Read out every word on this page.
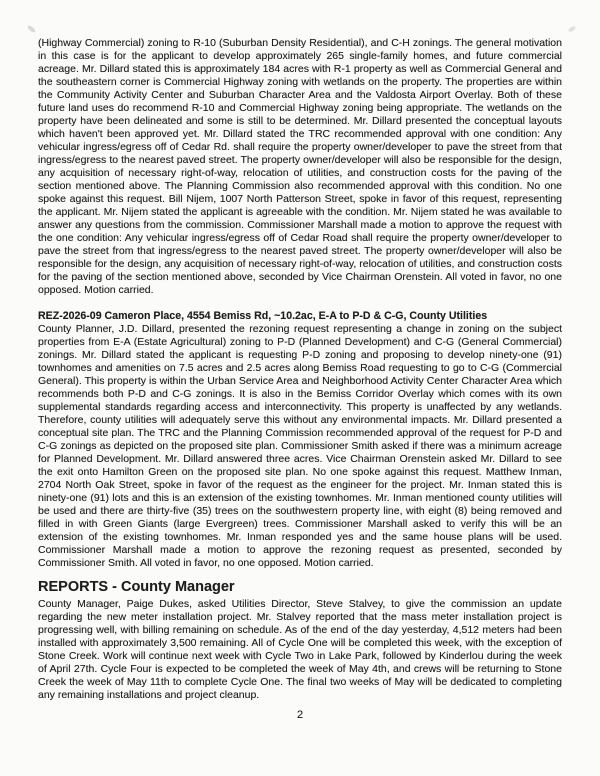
(Highway Commercial) zoning to R-10 (Suburban Density Residential), and C-H zonings. The general motivation in this case is for the applicant to develop approximately 265 single-family homes, and future commercial acreage. Mr. Dillard stated this is approximately 184 acres with R-1 property as well as Commercial General and the southeastern corner is Commercial Highway zoning with wetlands on the property. The properties are within the Community Activity Center and Suburban Character Area and the Valdosta Airport Overlay. Both of these future land uses do recommend R-10 and Commercial Highway zoning being appropriate. The wetlands on the property have been delineated and some is still to be determined. Mr. Dillard presented the conceptual layouts which haven't been approved yet. Mr. Dillard stated the TRC recommended approval with one condition: Any vehicular ingress/egress off of Cedar Rd. shall require the property owner/developer to pave the street from that ingress/egress to the nearest paved street. The property owner/developer will also be responsible for the design, any acquisition of necessary right-of-way, relocation of utilities, and construction costs for the paving of the section mentioned above. The Planning Commission also recommended approval with this condition. No one spoke against this request. Bill Nijem, 1007 North Patterson Street, spoke in favor of this request, representing the applicant. Mr. Nijem stated the applicant is agreeable with the condition. Mr. Nijem stated he was available to answer any questions from the commission. Commissioner Marshall made a motion to approve the request with the one condition: Any vehicular ingress/egress off of Cedar Road shall require the property owner/developer to pave the street from that ingress/egress to the nearest paved street. The property owner/developer will also be responsible for the design, any acquisition of necessary right-of-way, relocation of utilities, and construction costs for the paving of the section mentioned above, seconded by Vice Chairman Orenstein. All voted in favor, no one opposed. Motion carried.

REZ-2026-09 Cameron Place, 4554 Bemiss Rd, ~10.2ac, E-A to P-D & C-G, County Utilities

County Planner, J.D. Dillard, presented the rezoning request representing a change in zoning on the subject properties from E-A (Estate Agricultural) zoning to P-D (Planned Development) and C-G (General Commercial) zonings. Mr. Dillard stated the applicant is requesting P-D zoning and proposing to develop ninety-one (91) townhomes and amenities on 7.5 acres and 2.5 acres along Bemiss Road requesting to go to C-G (Commercial General). This property is within the Urban Service Area and Neighborhood Activity Center Character Area which recommends both P-D and C-G zonings. It is also in the Bemiss Corridor Overlay which comes with its own supplemental standards regarding access and interconnectivity. This property is unaffected by any wetlands. Therefore, county utilities will adequately serve this without any environmental impacts. Mr. Dillard presented a conceptual site plan. The TRC and the Planning Commission recommended approval of the request for P-D and C-G zonings as depicted on the proposed site plan. Commissioner Smith asked if there was a minimum acreage for Planned Development. Mr. Dillard answered three acres. Vice Chairman Orenstein asked Mr. Dillard to see the exit onto Hamilton Green on the proposed site plan. No one spoke against this request. Matthew Inman, 2704 North Oak Street, spoke in favor of the request as the engineer for the project. Mr. Inman stated this is ninety-one (91) lots and this is an extension of the existing townhomes. Mr. Inman mentioned county utilities will be used and there are thirty-five (35) trees on the southwestern property line, with eight (8) being removed and filled in with Green Giants (large Evergreen) trees. Commissioner Marshall asked to verify this will be an extension of the existing townhomes. Mr. Inman responded yes and the same house plans will be used. Commissioner Marshall made a motion to approve the rezoning request as presented, seconded by Commissioner Smith. All voted in favor, no one opposed. Motion carried.

REPORTS - County Manager

County Manager, Paige Dukes, asked Utilities Director, Steve Stalvey, to give the commission an update regarding the new meter installation project. Mr. Stalvey reported that the mass meter installation project is progressing well, with billing remaining on schedule. As of the end of the day yesterday, 4,512 meters had been installed with approximately 3,500 remaining. All of Cycle One will be completed this week, with the exception of Stone Creek. Work will continue next week with Cycle Two in Lake Park, followed by Kinderlou during the week of April 27th. Cycle Four is expected to be completed the week of May 4th, and crews will be returning to Stone Creek the week of May 11th to complete Cycle One. The final two weeks of May will be dedicated to completing any remaining installations and project cleanup.

2
